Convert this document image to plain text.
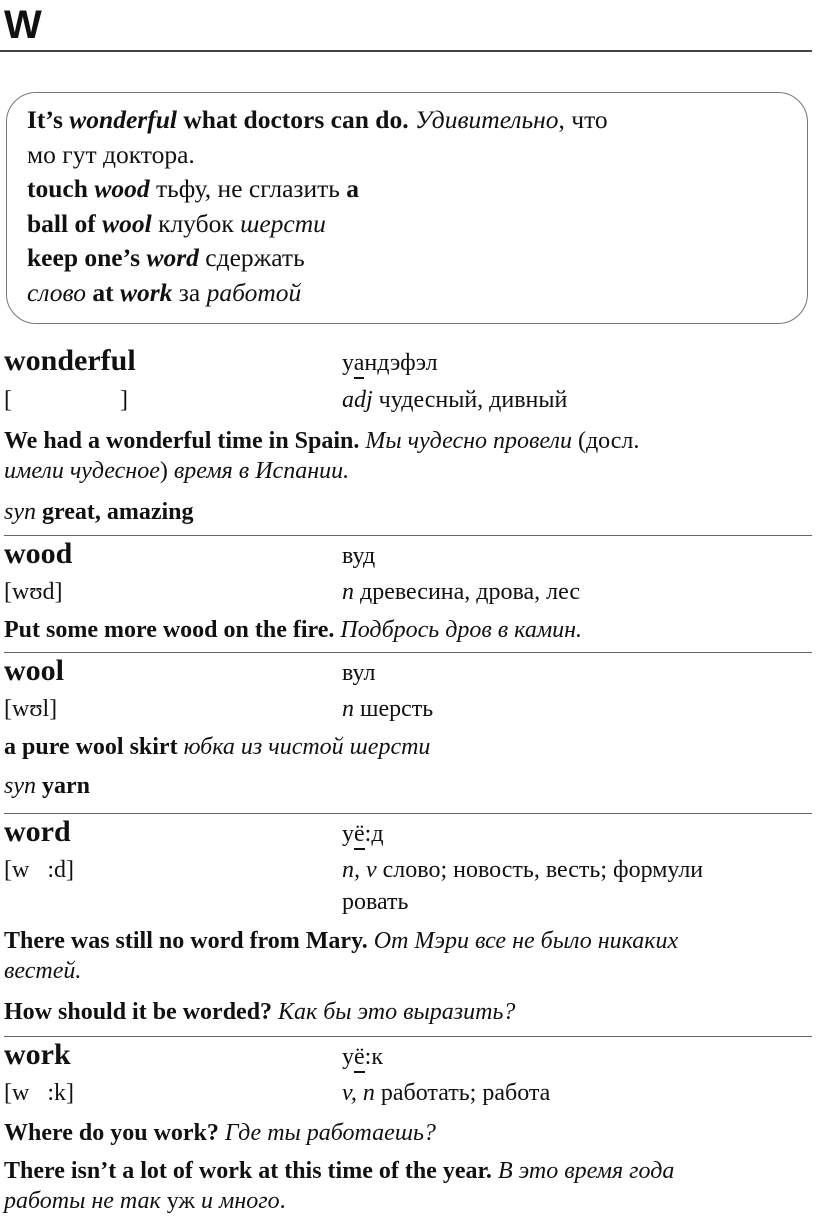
W
It’s wonderful what doctors can do. Удивительно, что
мо гут доктора.
touch wood тьфу, не сглазить a
ball of wool клубок шерсти
keep one’s word сдержать
слово at work за работой
wonderful	уандэфэл
[                  ]	adj чудесный, дивный
We had a wonderful time in Spain. Мы чудесно провели (досл.
имели чудесное) время в Испании.
syn great, amazing
wood	вуд
[wʊd]	n древесина, дрова, лес
Put some more wood on the fire. Подбрось дров в камин.
wool	вул
[wʊl]	n шерсть
a pure wool skirt юбка из чистой шерсти
syn yarn
word	уё:д
[w   :d]	n, v слово; новость, весть; формули
ровать
There was still no word from Mary. От Мэри все не было никаких
вестей.
How should it be worded? Как бы это выразить?
work	уё:к
[w   :k]	v, n работать; работа
Where do you work? Где ты работаешь?
There isn’t a lot of work at this time of the year. В это время года
работы не так уж и много.
